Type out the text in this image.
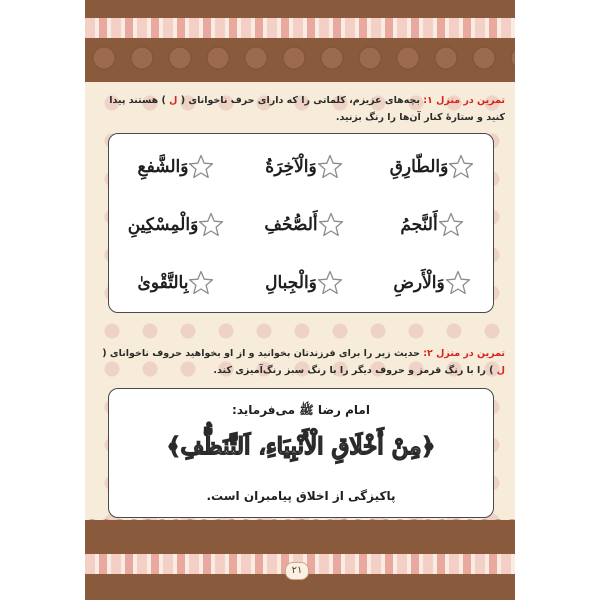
تمرین در منزل ۱: بچه‌های عزیزم، کلماتی را که دارای حرف ناخوانای ( ل ) هستند پیدا کنید و ستارهٔ کنار آن‌ها را رنگ بزنید.
وَالطّارِقِ
وَالْآخِرَةُ
وَالشَّفعِ
أَلنَّجمُ
أَلصُّحُفِ
وَالْمِسْكِينِ
وَالْأَرضِ
وَالْجِبالِ
بِالتَّقْوىٰ
تمرین در منزل ۲: حدیث زیر را برای فرزندتان بخوانید و از او بخواهید حروف ناخوانای ( ل ) را با رنگ قرمز و حروف دیگر را با رنگ سبز رنگ‌آمیزی کند.
امام رضا ﷺ می‌فرماید:
﴿مِنْ أَخْلَاقِ الْأَنْبِيَاءِ، اَلتَّنَظُّفِ﴾
پاکیزگی از اخلاق پیامبران است.
۲۱
